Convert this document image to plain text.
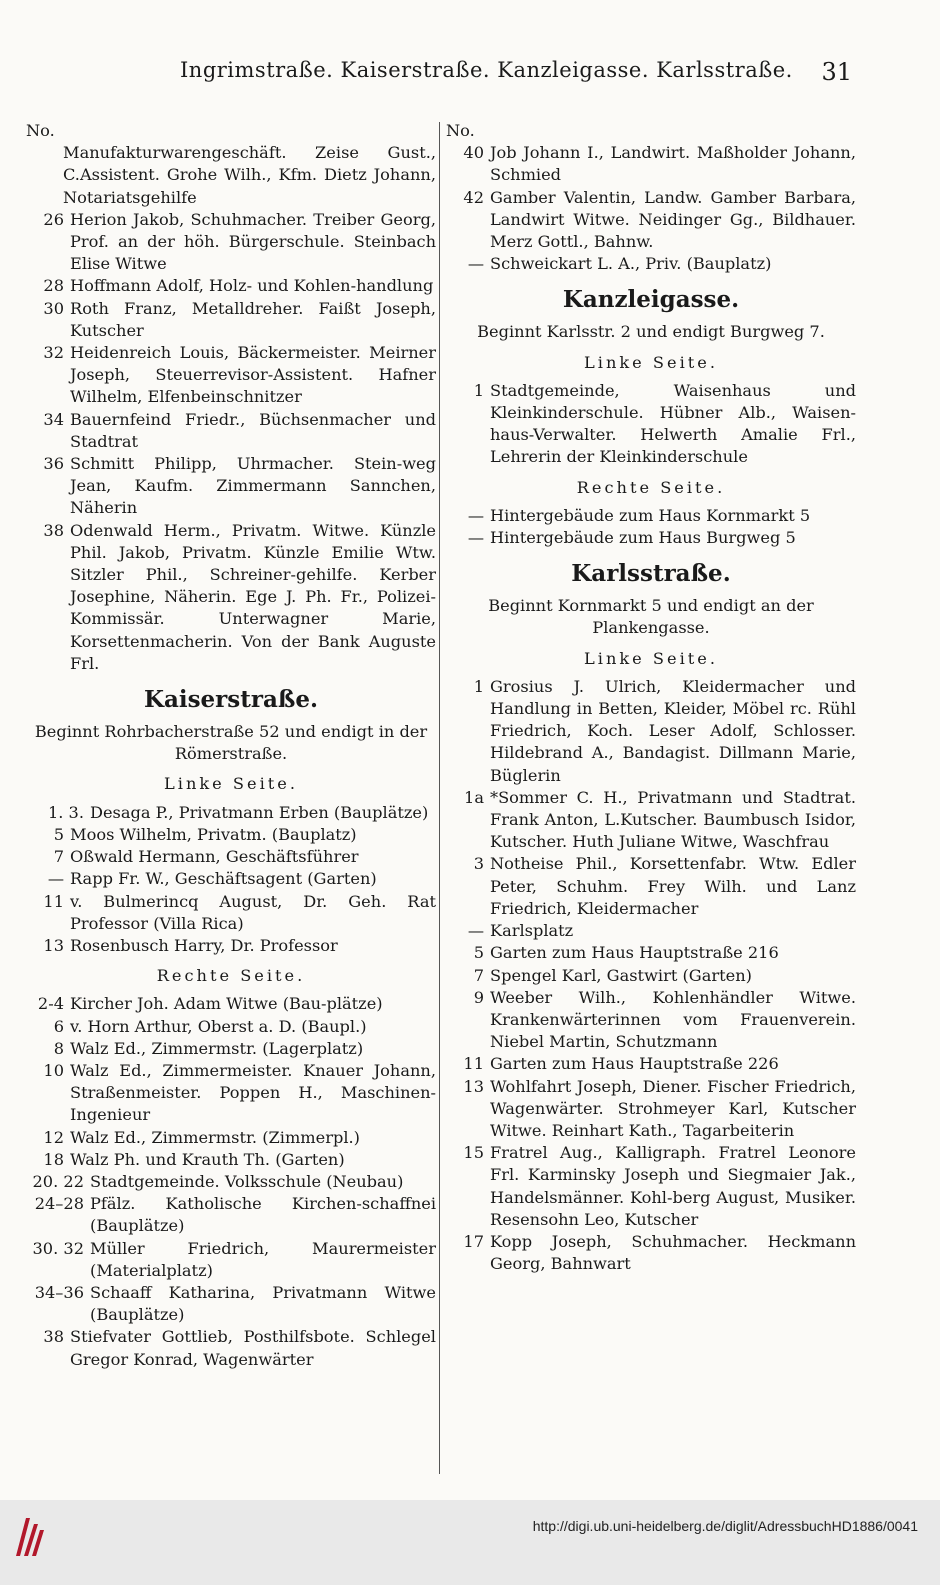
Ingrimstraße. Kaiserstraße. Kanzleigasse. Karlsstraße. 31

No.

Manufakturwarengeschäft. Zeise Gust., C.Assistent. Grohe Wilh., Kfm. Dietz Johann, Notariatsgehilfe

26 Herion Jakob, Schuhmacher. Treiber Georg, Prof. an der höh. Bürgerschule. Steinbach Elise Witwe
28 Hoffmann Adolf, Holz- und Kohlen-handlung
30 Roth Franz, Metalldreher. Faißt Joseph, Kutscher
32 Heidenreich Louis, Bäckermeister. Meirner Joseph, Steuerrevisor-Assistent. Hafner Wilhelm, Elfenbeinschnitzer
34 Bauernfeind Friedr., Büchsenmacher und Stadtrat
36 Schmitt Philipp, Uhrmacher. Stein-weg Jean, Kaufm. Zimmermann Sannchen, Näherin
38 Odenwald Herm., Privatm. Witwe. Künzle Phil. Jakob, Privatm. Künzle Emilie Wtw. Sitzler Phil., Schreiner-gehilfe. Kerber Josephine, Näherin. Ege J. Ph. Fr., Polizei-Kommissär. Unterwagner Marie, Korsettenmacherin. Von der Bank Auguste Frl.

Kaiserstraße.

Beginnt Rohrbacherstraße 52 und endigt in der Römerstraße.

Linke Seite.

1. 3. Desaga P., Privatmann Erben (Bauplätze)
5 Moos Wilhelm, Privatm. (Bauplatz)
7 Oßwald Hermann, Geschäftsführer
— Rapp Fr. W., Geschäftsagent (Garten)
11 v. Bulmerincq August, Dr. Geh. Rat Professor (Villa Rica)
13 Rosenbusch Harry, Dr. Professor

Rechte Seite.

2-4 Kircher Joh. Adam Witwe (Bau-plätze)
6 v. Horn Arthur, Oberst a. D. (Baupl.)
8 Walz Ed., Zimmermstr. (Lagerplatz)
10 Walz Ed., Zimmermeister. Knauer Johann, Straßenmeister. Poppen H., Maschinen-Ingenieur
12 Walz Ed., Zimmermstr. (Zimmerpl.)
18 Walz Ph. und Krauth Th. (Garten)
20. 22 Stadtgemeinde. Volksschule (Neubau)
24–28 Pfälz. Katholische Kirchen-schaffnei (Bauplätze)
30. 32 Müller Friedrich, Maurermeister (Materialplatz)
34–36 Schaaff Katharina, Privatmann Witwe (Bauplätze)
38 Stiefvater Gottlieb, Posthilfsbote. Schlegel Gregor Konrad, Wagenwärter

No.

40 Job Johann I., Landwirt. Maßholder Johann, Schmied
42 Gamber Valentin, Landw. Gamber Barbara, Landwirt Witwe. Neidinger Gg., Bildhauer. Merz Gottl., Bahnw.
— Schweickart L. A., Priv. (Bauplatz)

Kanzleigasse.

Beginnt Karlsstr. 2 und endigt Burgweg 7.

Linke Seite.

1 Stadtgemeinde, Waisenhaus und Kleinkinderschule. Hübner Alb., Waisen-haus-Verwalter. Helwerth Amalie Frl., Lehrerin der Kleinkinderschule

Rechte Seite.

— Hintergebäude zum Haus Kornmarkt 5
— Hintergebäude zum Haus Burgweg 5

Karlsstraße.

Beginnt Kornmarkt 5 und endigt an der Plankengasse.

Linke Seite.

1 Grosius J. Ulrich, Kleidermacher und Handlung in Betten, Kleider, Möbel rc. Rühl Friedrich, Koch. Leser Adolf, Schlosser. Hildebrand A., Bandagist. Dillmann Marie, Büglerin
1a *Sommer C. H., Privatmann und Stadtrat. Frank Anton, L.Kutscher. Baumbusch Isidor, Kutscher. Huth Juliane Witwe, Waschfrau
3 Notheise Phil., Korsettenfabr. Wtw. Edler Peter, Schuhm. Frey Wilh. und Lanz Friedrich, Kleidermacher
— Karlsplatz
5 Garten zum Haus Hauptstraße 216
7 Spengel Karl, Gastwirt (Garten)
9 Weeber Wilh., Kohlenhändler Witwe. Krankenwärterinnen vom Frauenverein. Niebel Martin, Schutzmann
11 Garten zum Haus Hauptstraße 226
13 Wohlfahrt Joseph, Diener. Fischer Friedrich, Wagenwärter. Strohmeyer Karl, Kutscher Witwe. Reinhart Kath., Tagarbeiterin
15 Fratrel Aug., Kalligraph. Fratrel Leonore Frl. Karminsky Joseph und Siegmaier Jak., Handelsmänner. Kohl-berg August, Musiker. Resensohn Leo, Kutscher
17 Kopp Joseph, Schuhmacher. Heckmann Georg, Bahnwart

http://digi.ub.uni-heidelberg.de/diglit/AdressbuchHD1886/0041
